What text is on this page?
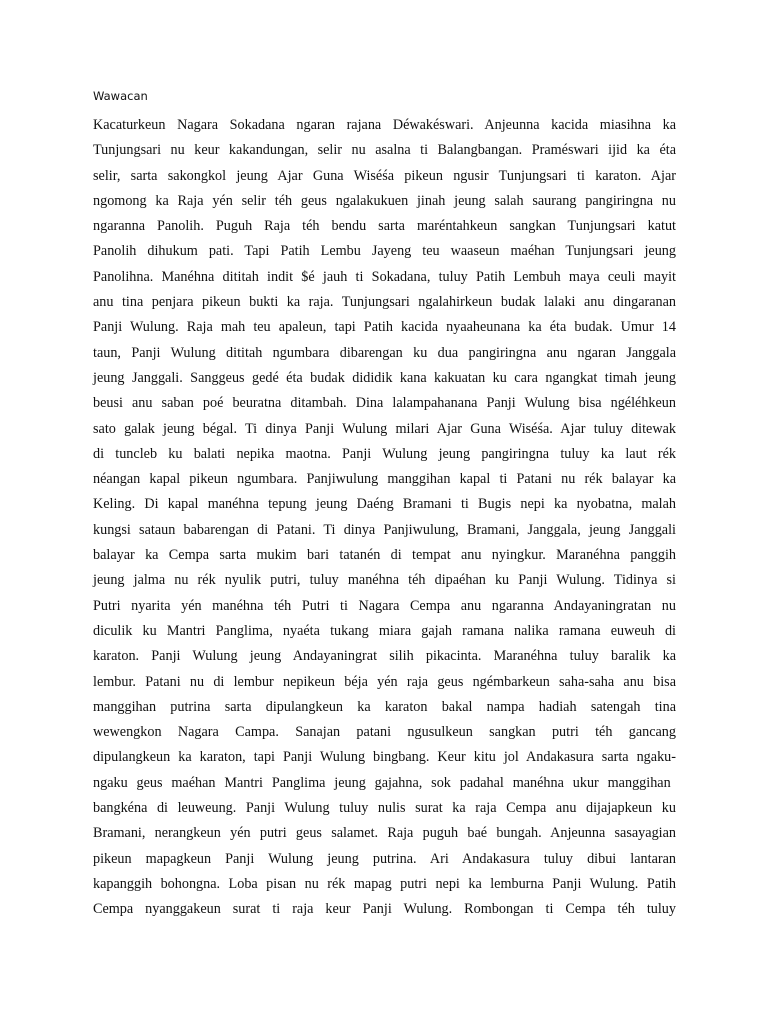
Wawacan
Kacaturkeun Nagara Sokadana ngaran rajana Déwakéswari. Anjeunna kacida miasihna ka
Tunjungsari nu keur kakandungan, selir nu asalna ti Balangbangan. Praméswari ijid ka éta
selir, sarta sakongkol jeung Ajar Guna Wiséśa pikeun ngusir Tunjungsari ti karaton. Ajar
ngomong ka Raja yén selir téh geus ngalakukuen jinah jeung salah saurang pangiringna nu
ngaranna Panolih. Puguh Raja téh bendu sarta maréntahkeun sangkan Tunjungsari katut
Panolih dihukum pati. Tapi Patih Lembu Jayeng teu waaseun maéhan Tunjungsari jeung
Panolihna. Manéhna dititah indit $é jauh ti Sokadana, tuluy Patih Lembuh maya ceuli mayit
anu tina penjara pikeun bukti ka raja. Tunjungsari ngalahirkeun budak lalaki anu dingaranan
Panji Wulung. Raja mah teu apaleun, tapi Patih kacida nyaaheunana ka éta budak. Umur 14
taun, Panji Wulung dititah ngumbara dibarengan ku dua pangiringna anu ngaran Janggala
jeung Janggali. Sanggeus gedé éta budak dididik kana kakuatan ku cara ngangkat timah jeung
beusi anu saban poé beuratna ditambah. Dina lalampahanana Panji Wulung bisa ngéléhkeun
sato galak jeung bégal. Ti dinya Panji Wulung milari Ajar Guna Wiséśa. Ajar tuluy ditewak
di tuncleb ku balati nepika maotna. Panji Wulung jeung pangiringna tuluy ka laut rék
néangan kapal pikeun ngumbara. Panjiwulung manggihan kapal ti Patani nu rék balayar ka
Keling. Di kapal manéhna tepung jeung Daéng Bramani ti Bugis nepi ka nyobatna, malah
kungsi sataun babarengan di Patani. Ti dinya Panjiwulung, Bramani, Janggala, jeung Janggali
balayar ka Cempa sarta mukim bari tatanén di tempat anu nyingkur. Maranéhna panggih
jeung jalma nu rék nyulik putri, tuluy manéhna téh dipaéhan ku Panji Wulung. Tidinya si
Putri nyarita yén manéhna téh Putri ti Nagara Cempa anu ngaranna Andayaningratan nu
diculik ku Mantri Panglima, nyaéta tukang miara gajah ramana nalika ramana euweuh di
karaton. Panji Wulung jeung Andayaningrat silih pikacinta. Maranéhna tuluy baralik ka
lembur. Patani nu di lembur nepikeun béja yén raja geus ngémbarkeun saha-saha anu bisa
manggihan putrina sarta dipulangkeun ka karaton bakal nampa hadiah satengah tina
wewengkon Nagara Campa. Sanajan patani ngusulkeun sangkan putri téh gancang
dipulangkeun ka karaton, tapi Panji Wulung bingbang. Keur kitu jol Andakasura sarta ngaku-
ngaku geus maéhan Mantri Panglima jeung gajahna, sok padahal manéhna ukur manggihan
bangkéna di leuweung. Panji Wulung tuluy nulis surat ka raja Cempa anu dijajapkeun ku
Bramani, nerangkeun yén putri geus salamet. Raja puguh baé bungah. Anjeunna sasayagian
pikeun mapagkeun Panji Wulung jeung putrina. Ari Andakasura tuluy dibui lantaran
kapanggih bohongna. Loba pisan nu rék mapag putri nepi ka lemburna Panji Wulung. Patih
Cempa nyanggakeun surat ti raja keur Panji Wulung. Rombongan ti Cempa téh tuluy
